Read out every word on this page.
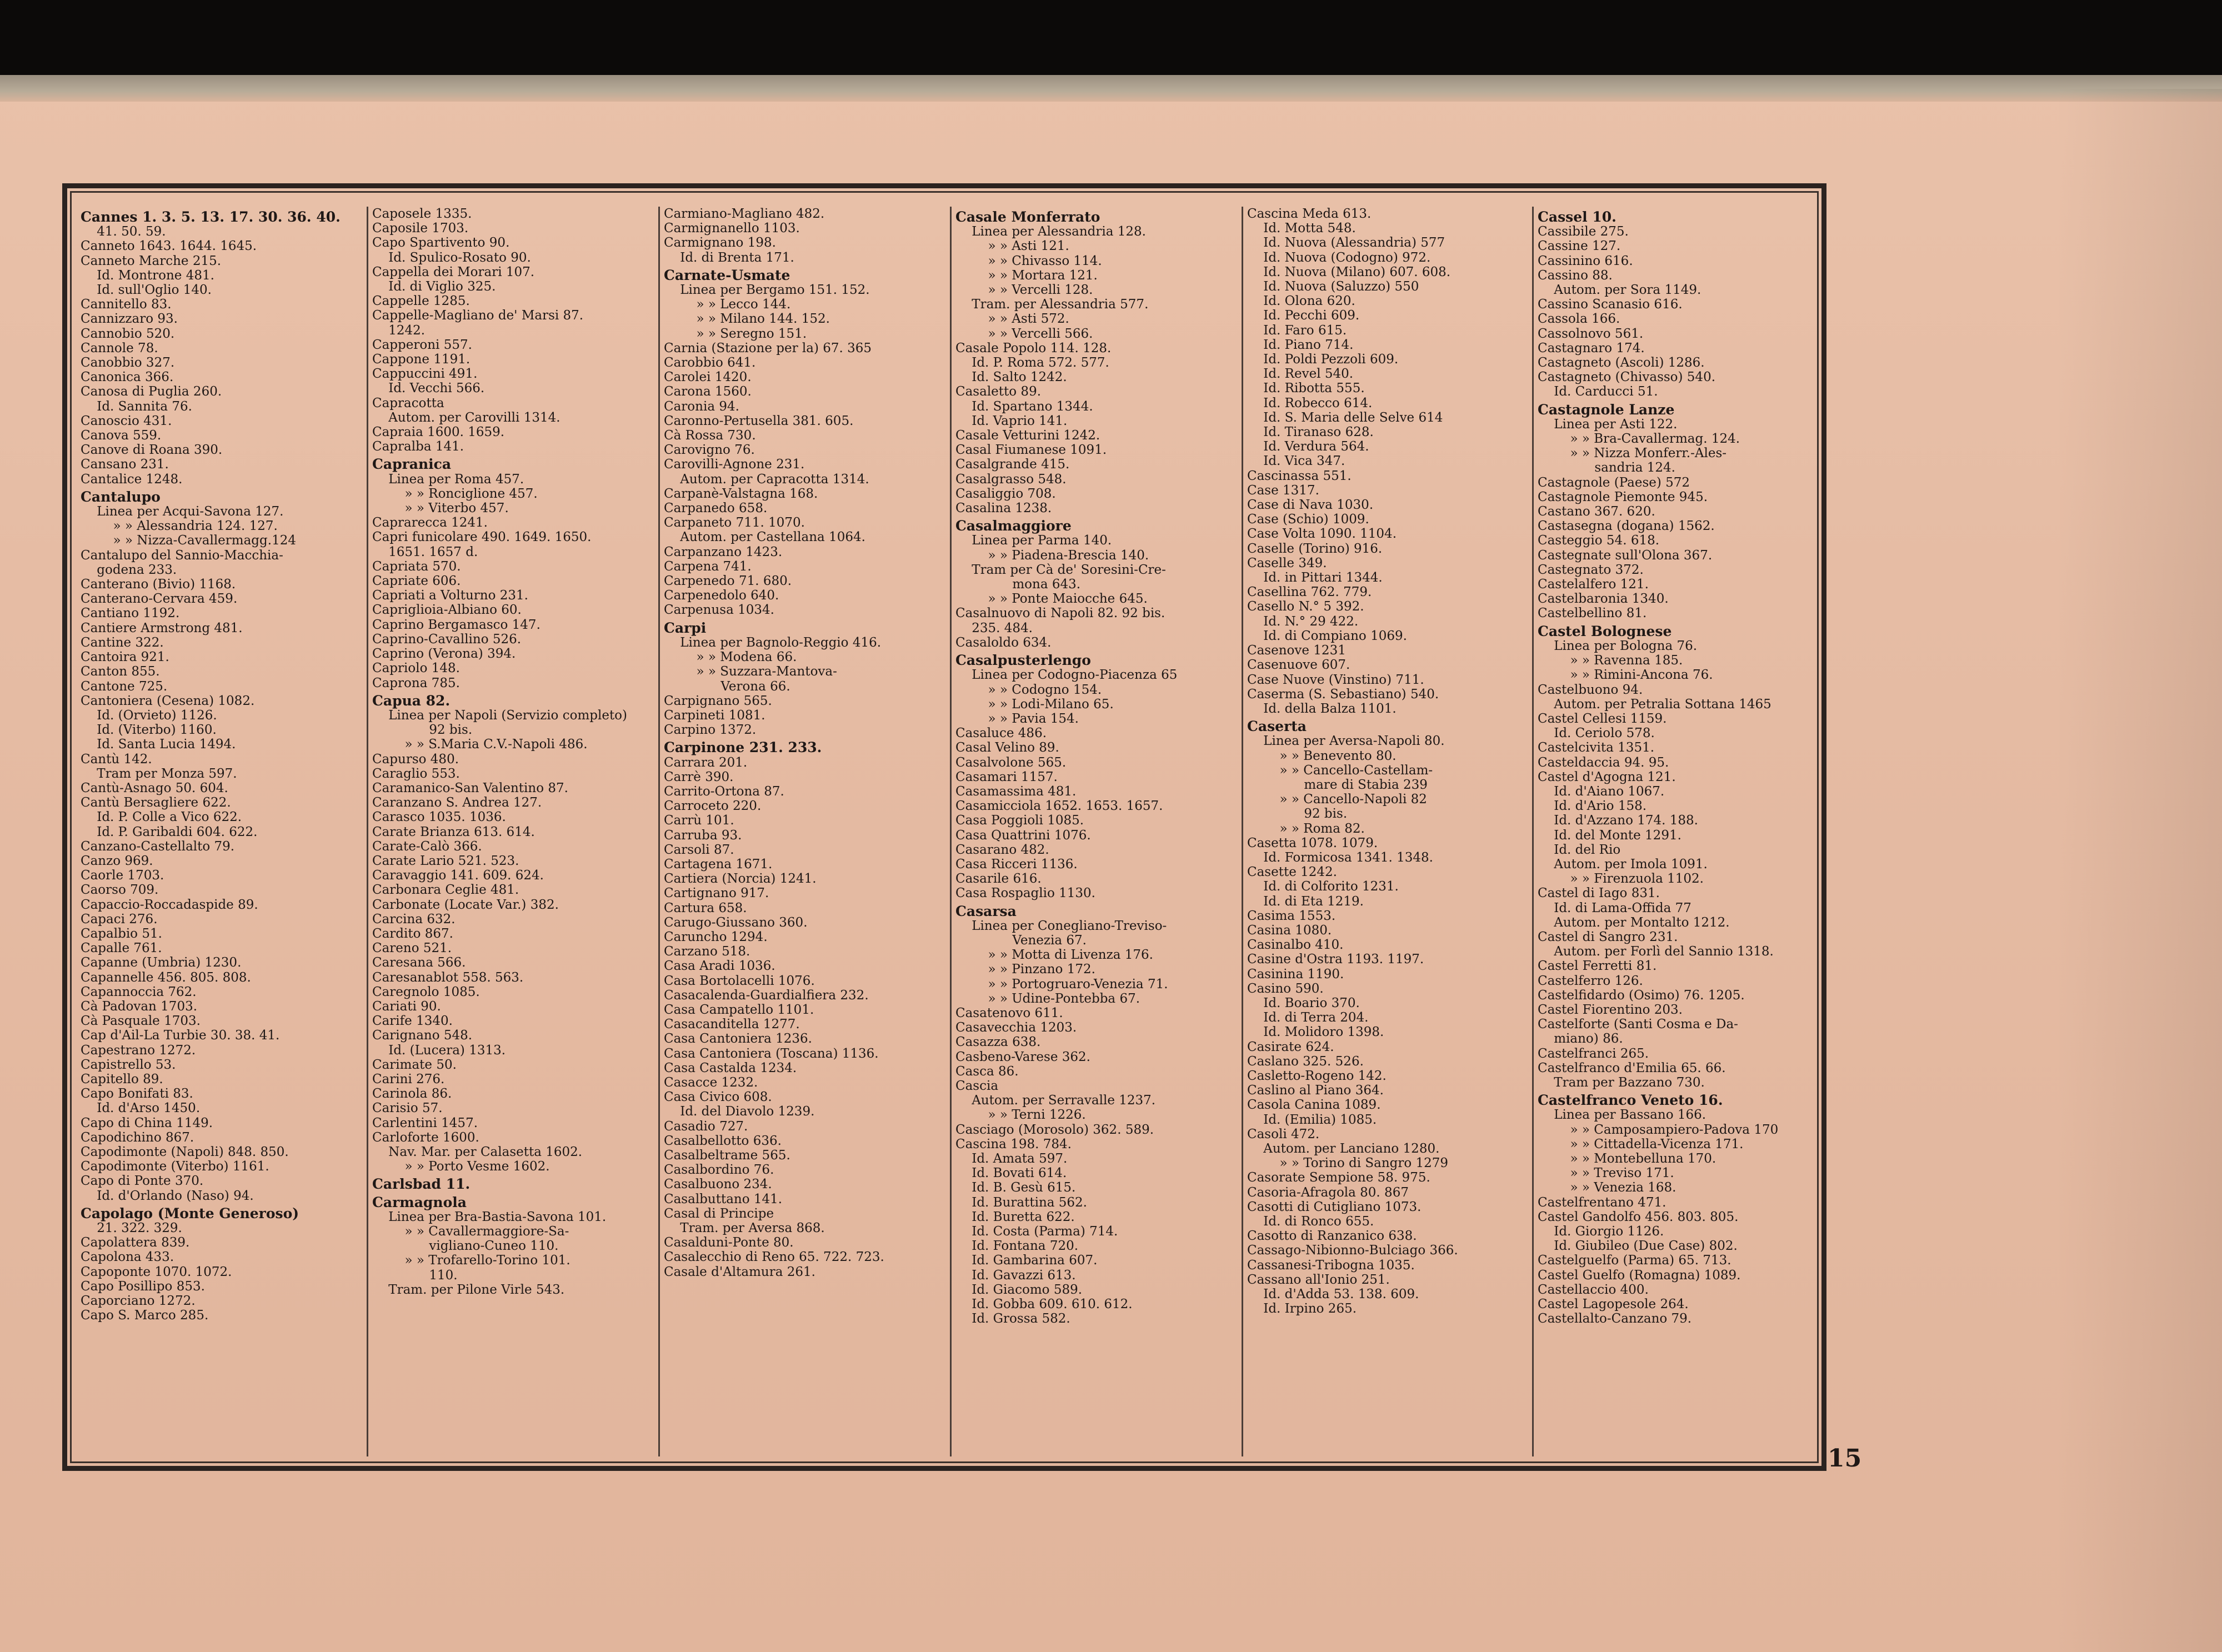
Cannes 1. 3. 5. 13. 17. 30. 36. 40.
41. 50. 59.
Canneto 1643. 1644. 1645.
Canneto Marche 215.
Id. Montrone 481.
Id. sull'Oglio 140.
Cannitello 83.
Cannizzaro 93.
Cannobio 520.
Cannole 78.
Canobbio 327.
Canonica 366.
Canosa di Puglia 260.
Id. Sannita 76.
Canoscio 431.
Canova 559.
Canove di Roana 390.
Cansano 231.
Cantalice 1248.
Cantalupo
Linea per Acqui-Savona 127.
» » Alessandria 124. 127.
» » Nizza-Cavallermagg.124
Cantalupo del Sannio-Macchia-
godena 233.
Canterano (Bivio) 1168.
Canterano-Cervara 459.
Cantiano 1192.
Cantiere Armstrong 481.
Cantine 322.
Cantoira 921.
Canton 855.
Cantone 725.
Cantoniera (Cesena) 1082.
Id. (Orvieto) 1126.
Id. (Viterbo) 1160.
Id. Santa Lucia 1494.
Cantù 142.
Tram per Monza 597.
Cantù-Asnago 50. 604.
Cantù Bersagliere 622.
Id. P. Colle a Vico 622.
Id. P. Garibaldi 604. 622.
Canzano-Castellalto 79.
Canzo 969.
Caorle 1703.
Caorso 709.
Capaccio-Roccadaspide 89.
Capaci 276.
Capalbio 51.
Capalle 761.
Capanne (Umbria) 1230.
Capannelle 456. 805. 808.
Capannoccia 762.
Cà Padovan 1703.
Cà Pasquale 1703.
Cap d'Ail-La Turbie 30. 38. 41.
Capestrano 1272.
Capistrello 53.
Capitello 89.
Capo Bonifati 83.
Id. d'Arso 1450.
Capo di China 1149.
Capodichino 867.
Capodimonte (Napoli) 848. 850.
Capodimonte (Viterbo) 1161.
Capo di Ponte 370.
Id. d'Orlando (Naso) 94.
Capolago (Monte Generoso)
21. 322. 329.
Capolattera 839.
Capolona 433.
Capoponte 1070. 1072.
Capo Posillipo 853.
Caporciano 1272.
Capo S. Marco 285.
Caposele 1335.
Caposile 1703.
Capo Spartivento 90.
Id. Spulico-Rosato 90.
Cappella dei Morari 107.
Id. di Viglio 325.
Cappelle 1285.
Cappelle-Magliano de' Marsi 87.
1242.
Capperoni 557.
Cappone 1191.
Cappuccini 491.
Id. Vecchi 566.
Capracotta
Autom. per Carovilli 1314.
Capraia 1600. 1659.
Capralba 141.
Capranica
Linea per Roma 457.
» » Ronciglione 457.
» » Viterbo 457.
Caprarecca 1241.
Capri funicolare 490. 1649. 1650.
1651. 1657 d.
Capriata 570.
Capriate 606.
Capriati a Volturno 231.
Capriglioia-Albiano 60.
Caprino Bergamasco 147.
Caprino-Cavallino 526.
Caprino (Verona) 394.
Capriolo 148.
Caprona 785.
Capua 82.
Linea per Napoli (Servizio completo)
92 bis.
» » S.Maria C.V.-Napoli 486.
Capurso 480.
Caraglio 553.
Caramanico-San Valentino 87.
Caranzano S. Andrea 127.
Carasco 1035. 1036.
Carate Brianza 613. 614.
Carate-Calò 366.
Carate Lario 521. 523.
Caravaggio 141. 609. 624.
Carbonara Ceglie 481.
Carbonate (Locate Var.) 382.
Carcina 632.
Cardito 867.
Careno 521.
Caresana 566.
Caresanablot 558. 563.
Caregnolo 1085.
Cariati 90.
Carife 1340.
Carignano 548.
Id. (Lucera) 1313.
Carimate 50.
Carini 276.
Carinola 86.
Carisio 57.
Carlentini 1457.
Carloforte 1600.
Nav. Mar. per Calasetta 1602.
» » Porto Vesme 1602.
Carlsbad 11.
Carmagnola
Linea per Bra-Bastia-Savona 101.
» » Cavallermaggiore-Sa-
vigliano-Cuneo 110.
» » Trofarello-Torino 101.
110.
Tram. per Pilone Virle 543.
Carmiano-Magliano 482.
Carmignanello 1103.
Carmignano 198.
Id. di Brenta 171.
Carnate-Usmate
Linea per Bergamo 151. 152.
» » Lecco 144.
» » Milano 144. 152.
» » Seregno 151.
Carnia (Stazione per la) 67. 365
Carobbio 641.
Carolei 1420.
Carona 1560.
Caronia 94.
Caronno-Pertusella 381. 605.
Cà Rossa 730.
Carovigno 76.
Carovilli-Agnone 231.
Autom. per Capracotta 1314.
Carpanè-Valstagna 168.
Carpanedo 658.
Carpaneto 711. 1070.
Autom. per Castellana 1064.
Carpanzano 1423.
Carpena 741.
Carpenedo 71. 680.
Carpenedolo 640.
Carpenusa 1034.
Carpi
Linea per Bagnolo-Reggio 416.
» » Modena 66.
» » Suzzara-Mantova-
Verona 66.
Carpignano 565.
Carpineti 1081.
Carpino 1372.
Carpinone 231. 233.
Carrara 201.
Carrè 390.
Carrito-Ortona 87.
Carroceto 220.
Carrù 101.
Carruba 93.
Carsoli 87.
Cartagena 1671.
Cartiera (Norcia) 1241.
Cartignano 917.
Cartura 658.
Carugo-Giussano 360.
Caruncho 1294.
Carzano 518.
Casa Aradi 1036.
Casa Bortolacelli 1076.
Casacalenda-Guardialfiera 232.
Casa Campatello 1101.
Casacanditella 1277.
Casa Cantoniera 1236.
Casa Cantoniera (Toscana) 1136.
Casa Castalda 1234.
Casacce 1232.
Casa Civico 608.
Id. del Diavolo 1239.
Casadio 727.
Casalbellotto 636.
Casalbeltrame 565.
Casalbordino 76.
Casalbuono 234.
Casalbuttano 141.
Casal di Principe
Tram. per Aversa 868.
Casalduni-Ponte 80.
Casalecchio di Reno 65. 722. 723.
Casale d'Altamura 261.
Casale Monferrato
Linea per Alessandria 128.
» » Asti 121.
» » Chivasso 114.
» » Mortara 121.
» » Vercelli 128.
Tram. per Alessandria 577.
» » Asti 572.
» » Vercelli 566.
Casale Popolo 114. 128.
Id. P. Roma 572. 577.
Id. Salto 1242.
Casaletto 89.
Id. Spartano 1344.
Id. Vaprio 141.
Casale Vetturini 1242.
Casal Fiumanese 1091.
Casalgrande 415.
Casalgrasso 548.
Casaliggio 708.
Casalina 1238.
Casalmaggiore
Linea per Parma 140.
» » Piadena-Brescia 140.
Tram per Cà de' Soresini-Cre-
mona 643.
» » Ponte Maiocche 645.
Casalnuovo di Napoli 82. 92 bis.
235. 484.
Casaloldo 634.
Casalpusterlengo
Linea per Codogno-Piacenza 65
» » Codogno 154.
» » Lodi-Milano 65.
» » Pavia 154.
Casaluce 486.
Casal Velino 89.
Casalvolone 565.
Casamari 1157.
Casamassima 481.
Casamicciola 1652. 1653. 1657.
Casa Poggioli 1085.
Casa Quattrini 1076.
Casarano 482.
Casa Ricceri 1136.
Casarile 616.
Casa Rospaglio 1130.
Casarsa
Linea per Conegliano-Treviso-
Venezia 67.
» » Motta di Livenza 176.
» » Pinzano 172.
» » Portogruaro-Venezia 71.
» » Udine-Pontebba 67.
Casatenovo 611.
Casavecchia 1203.
Casazza 638.
Casbeno-Varese 362.
Casca 86.
Cascia
Autom. per Serravalle 1237.
» » Terni 1226.
Casciago (Morosolo) 362. 589.
Cascina 198. 784.
Id. Amata 597.
Id. Bovati 614.
Id. B. Gesù 615.
Id. Burattina 562.
Id. Buretta 622.
Id. Costa (Parma) 714.
Id. Fontana 720.
Id. Gambarina 607.
Id. Gavazzi 613.
Id. Giacomo 589.
Id. Gobba 609. 610. 612.
Id. Grossa 582.
Cascina Meda 613.
Id. Motta 548.
Id. Nuova (Alessandria) 577
Id. Nuova (Codogno) 972.
Id. Nuova (Milano) 607. 608.
Id. Nuova (Saluzzo) 550
Id. Olona 620.
Id. Pecchi 609.
Id. Faro 615.
Id. Piano 714.
Id. Poldi Pezzoli 609.
Id. Revel 540.
Id. Ribotta 555.
Id. Robecco 614.
Id. S. Maria delle Selve 614
Id. Tiranaso 628.
Id. Verdura 564.
Id. Vica 347.
Cascinassa 551.
Case 1317.
Case di Nava 1030.
Case (Schio) 1009.
Case Volta 1090. 1104.
Caselle (Torino) 916.
Caselle 349.
Id. in Pittari 1344.
Casellina 762. 779.
Casello N.° 5 392.
Id. N.° 29 422.
Id. di Compiano 1069.
Casenove 1231
Casenuove 607.
Case Nuove (Vinstino) 711.
Caserma (S. Sebastiano) 540.
Id. della Balza 1101.
Caserta
Linea per Aversa-Napoli 80.
» » Benevento 80.
» » Cancello-Castellam-
mare di Stabia 239
» » Cancello-Napoli 82
92 bis.
» » Roma 82.
Casetta 1078. 1079.
Id. Formicosa 1341. 1348.
Casette 1242.
Id. di Colforito 1231.
Id. di Eta 1219.
Casima 1553.
Casina 1080.
Casinalbo 410.
Casine d'Ostra 1193. 1197.
Casinina 1190.
Casino 590.
Id. Boario 370.
Id. di Terra 204.
Id. Molidoro 1398.
Casirate 624.
Caslano 325. 526.
Casletto-Rogeno 142.
Caslino al Piano 364.
Casola Canina 1089.
Id. (Emilia) 1085.
Casoli 472.
Autom. per Lanciano 1280.
» » Torino di Sangro 1279
Casorate Sempione 58. 975.
Casoria-Afragola 80. 867
Casotti di Cutigliano 1073.
Id. di Ronco 655.
Casotto di Ranzanico 638.
Cassago-Nibionno-Bulciago 366.
Cassanesi-Tribogna 1035.
Cassano all'Ionio 251.
Id. d'Adda 53. 138. 609.
Id. Irpino 265.
Cassel 10.
Cassibile 275.
Cassine 127.
Cassinino 616.
Cassino 88.
Autom. per Sora 1149.
Cassino Scanasio 616.
Cassola 166.
Cassolnovo 561.
Castagnaro 174.
Castagneto (Ascoli) 1286.
Castagneto (Chivasso) 540.
Id. Carducci 51.
Castagnole Lanze
Linea per Asti 122.
» » Bra-Cavallermag. 124.
» » Nizza Monferr.-Ales-
sandria 124.
Castagnole (Paese) 572
Castagnole Piemonte 945.
Castano 367. 620.
Castasegna (dogana) 1562.
Casteggio 54. 618.
Castegnate sull'Olona 367.
Castegnato 372.
Castelalfero 121.
Castelbaronia 1340.
Castelbellino 81.
Castel Bolognese
Linea per Bologna 76.
» » Ravenna 185.
» » Rimini-Ancona 76.
Castelbuono 94.
Autom. per Petralia Sottana 1465
Castel Cellesi 1159.
Id. Ceriolo 578.
Castelcivita 1351.
Casteldaccia 94. 95.
Castel d'Agogna 121.
Id. d'Aiano 1067.
Id. d'Ario 158.
Id. d'Azzano 174. 188.
Id. del Monte 1291.
Id. del Rio
Autom. per Imola 1091.
» » Firenzuola 1102.
Castel di Iago 831.
Id. di Lama-Offida 77
Autom. per Montalto 1212.
Castel di Sangro 231.
Autom. per Forlì del Sannio 1318.
Castel Ferretti 81.
Castelferro 126.
Castelfidardo (Osimo) 76. 1205.
Castel Fiorentino 203.
Castelforte (Santi Cosma e Da-
miano) 86.
Castelfranci 265.
Castelfranco d'Emilia 65. 66.
Tram per Bazzano 730.
Castelfranco Veneto 16.
Linea per Bassano 166.
» » Camposampiero-Padova 170
» » Cittadella-Vicenza 171.
» » Montebelluna 170.
» » Treviso 171.
» » Venezia 168.
Castelfrentano 471.
Castel Gandolfo 456. 803. 805.
Id. Giorgio 1126.
Id. Giubileo (Due Case) 802.
Castelguelfo (Parma) 65. 713.
Castel Guelfo (Romagna) 1089.
Castellaccio 400.
Castel Lagopesole 264.
Castellalto-Canzano 79.
15
